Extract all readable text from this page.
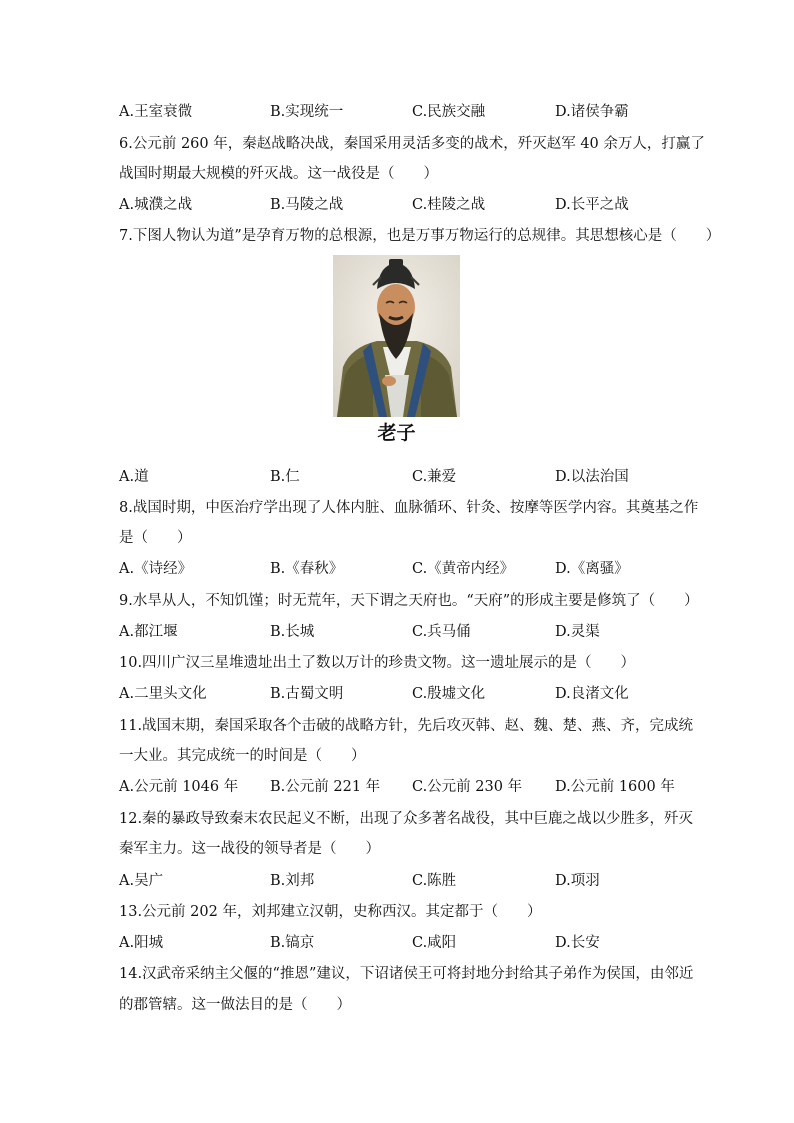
A.王室衰微	B.实现统一	C.民族交融	D.诸侯争霸
6.公元前 260 年，秦赵战略决战，秦国采用灵活多变的战术，歼灭赵军 40 余万人，打赢了
战国时期最大规模的歼灭战。这一战役是（　　）
A.城濮之战	B.马陵之战	C.桂陵之战	D.长平之战
7.下图人物认为道”是孕育万物的总根源，也是万事万物运行的总规律。其思想核心是（　　）
老子
A.道	B.仁	C.兼爱	D.以法治国
8.战国时期，中医治疗学出现了人体内脏、血脉循环、针灸、按摩等医学内容。其奠基之作
是（　　）
A.《诗经》	B.《春秋》	C.《黄帝内经》	D.《离骚》
9.水旱从人，不知饥馑；时无荒年，天下谓之天府也。“天府”的形成主要是修筑了（　　）
A.都江堰	B.长城	C.兵马俑	D.灵渠
10.四川广汉三星堆遗址出土了数以万计的珍贵文物。这一遗址展示的是（　　）
A.二里头文化	B.古蜀文明	C.殷墟文化	D.良渚文化
11.战国末期，秦国采取各个击破的战略方针，先后攻灭韩、赵、魏、楚、燕、齐，完成统
一大业。其完成统一的时间是（　　）
A.公元前 1046 年 B.公元前 221 年 C.公元前 230 年 D.公元前 1600 年
12.秦的暴政导致秦末农民起义不断，出现了众多著名战役，其中巨鹿之战以少胜多，歼灭
秦军主力。这一战役的领导者是（　　）
A.吴广	B.刘邦	C.陈胜	D.项羽
13.公元前 202 年，刘邦建立汉朝，史称西汉。其定都于（　　）
A.阳城	B.镐京	C.咸阳	D.长安
14.汉武帝采纳主父偃的“推恩”建议，下诏诸侯王可将封地分封给其子弟作为侯国，由邻近
的郡管辖。这一做法目的是（　　）
